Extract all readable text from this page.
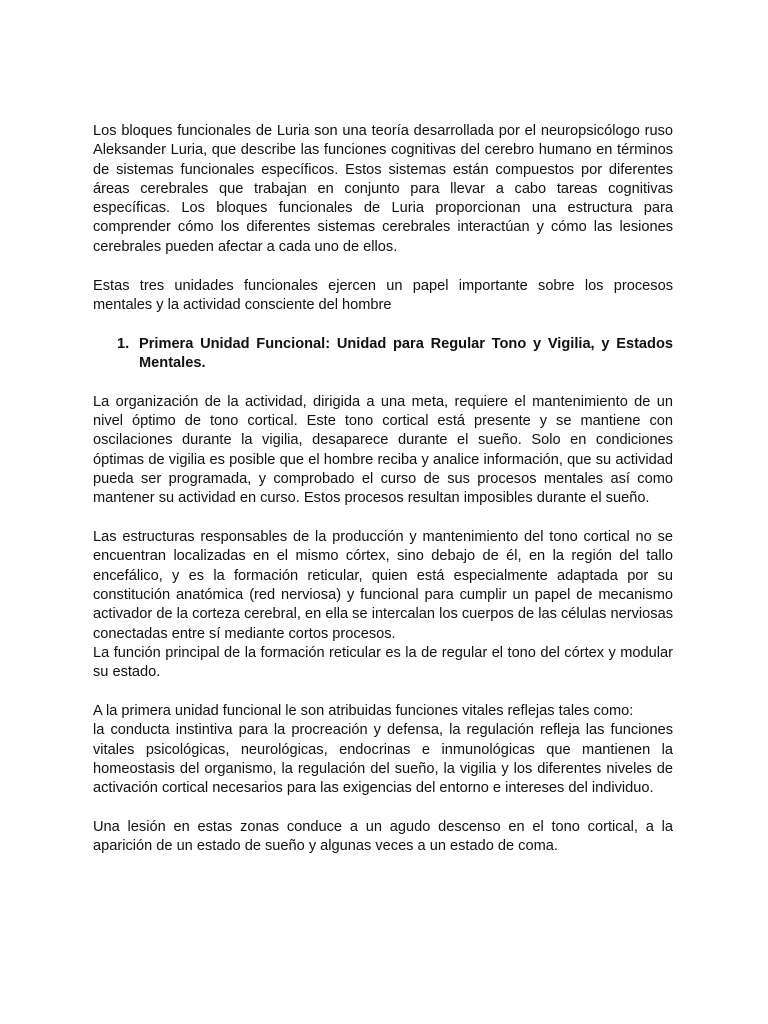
Los bloques funcionales de Luria son una teoría desarrollada por el neuropsicólogo ruso Aleksander Luria, que describe las funciones cognitivas del cerebro humano en términos de sistemas funcionales específicos. Estos sistemas están compuestos por diferentes áreas cerebrales que trabajan en conjunto para llevar a cabo tareas cognitivas específicas. Los bloques funcionales de Luria proporcionan una estructura para comprender cómo los diferentes sistemas cerebrales interactúan y cómo las lesiones cerebrales pueden afectar a cada uno de ellos.

Estas tres unidades funcionales ejercen un papel importante sobre los procesos mentales y la actividad consciente del hombre

1. Primera Unidad Funcional: Unidad para Regular Tono y Vigilia, y Estados Mentales.

La organización de la actividad, dirigida a una meta, requiere el mantenimiento de un nivel óptimo de tono cortical. Este tono cortical está presente y se mantiene con oscilaciones durante la vigilia, desaparece durante el sueño. Solo en condiciones óptimas de vigilia es posible que el hombre reciba y analice información, que su actividad pueda ser programada, y comprobado el curso de sus procesos mentales así como mantener su actividad en curso. Estos procesos resultan imposibles durante el sueño.

Las estructuras responsables de la producción y mantenimiento del tono cortical no se encuentran localizadas en el mismo córtex, sino debajo de él, en la región del tallo encefálico, y es la formación reticular, quien está especialmente adaptada por su constitución anatómica (red nerviosa) y funcional para cumplir un papel de mecanismo activador de la corteza cerebral, en ella se intercalan los cuerpos de las células nerviosas conectadas entre sí mediante cortos procesos.

La función principal de la formación reticular es la de regular el tono del córtex y modular su estado.

A la primera unidad funcional le son atribuidas funciones vitales reflejas tales como:

la conducta instintiva para la procreación y defensa, la regulación refleja las funciones vitales psicológicas, neurológicas, endocrinas e inmunológicas que mantienen la homeostasis del organismo, la regulación del sueño, la vigilia y los diferentes niveles de activación cortical necesarios para las exigencias del entorno e intereses del individuo.

Una lesión en estas zonas conduce a un agudo descenso en el tono cortical, a la aparición de un estado de sueño y algunas veces a un estado de coma.
